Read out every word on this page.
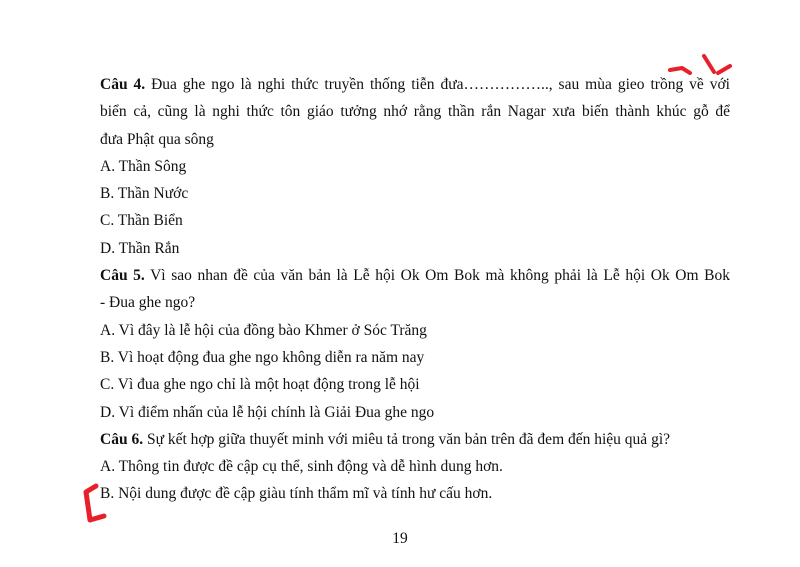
Câu 4. Đua ghe ngo là nghi thức truyền thống tiễn đưa…………….., sau mùa gieo trồng về với
biển cả, cũng là nghi thức tôn giáo tưởng nhớ rằng thần rắn Nagar xưa biến thành khúc gỗ để
đưa Phật qua sông
A. Thần Sông
B. Thần Nước
C. Thần Biển
D. Thần Rắn
Câu 5. Vì sao nhan đề của văn bản là Lễ hội Ok Om Bok mà không phải là Lễ hội Ok Om Bok
- Đua ghe ngo?
A. Vì đây là lễ hội của đồng bào Khmer ở Sóc Trăng
B. Vì hoạt động đua ghe ngo không diễn ra năm nay
C. Vì đua ghe ngo chỉ là một hoạt động trong lễ hội
D. Vì điểm nhấn của lễ hội chính là Giải Đua ghe ngo
Câu 6. Sự kết hợp giữa thuyết minh với miêu tả trong văn bản trên đã đem đến hiệu quả gì?
A. Thông tin được đề cập cụ thể, sinh động và dễ hình dung hơn.
B. Nội dung được đề cập giàu tính thẩm mĩ và tính hư cấu hơn.
19
